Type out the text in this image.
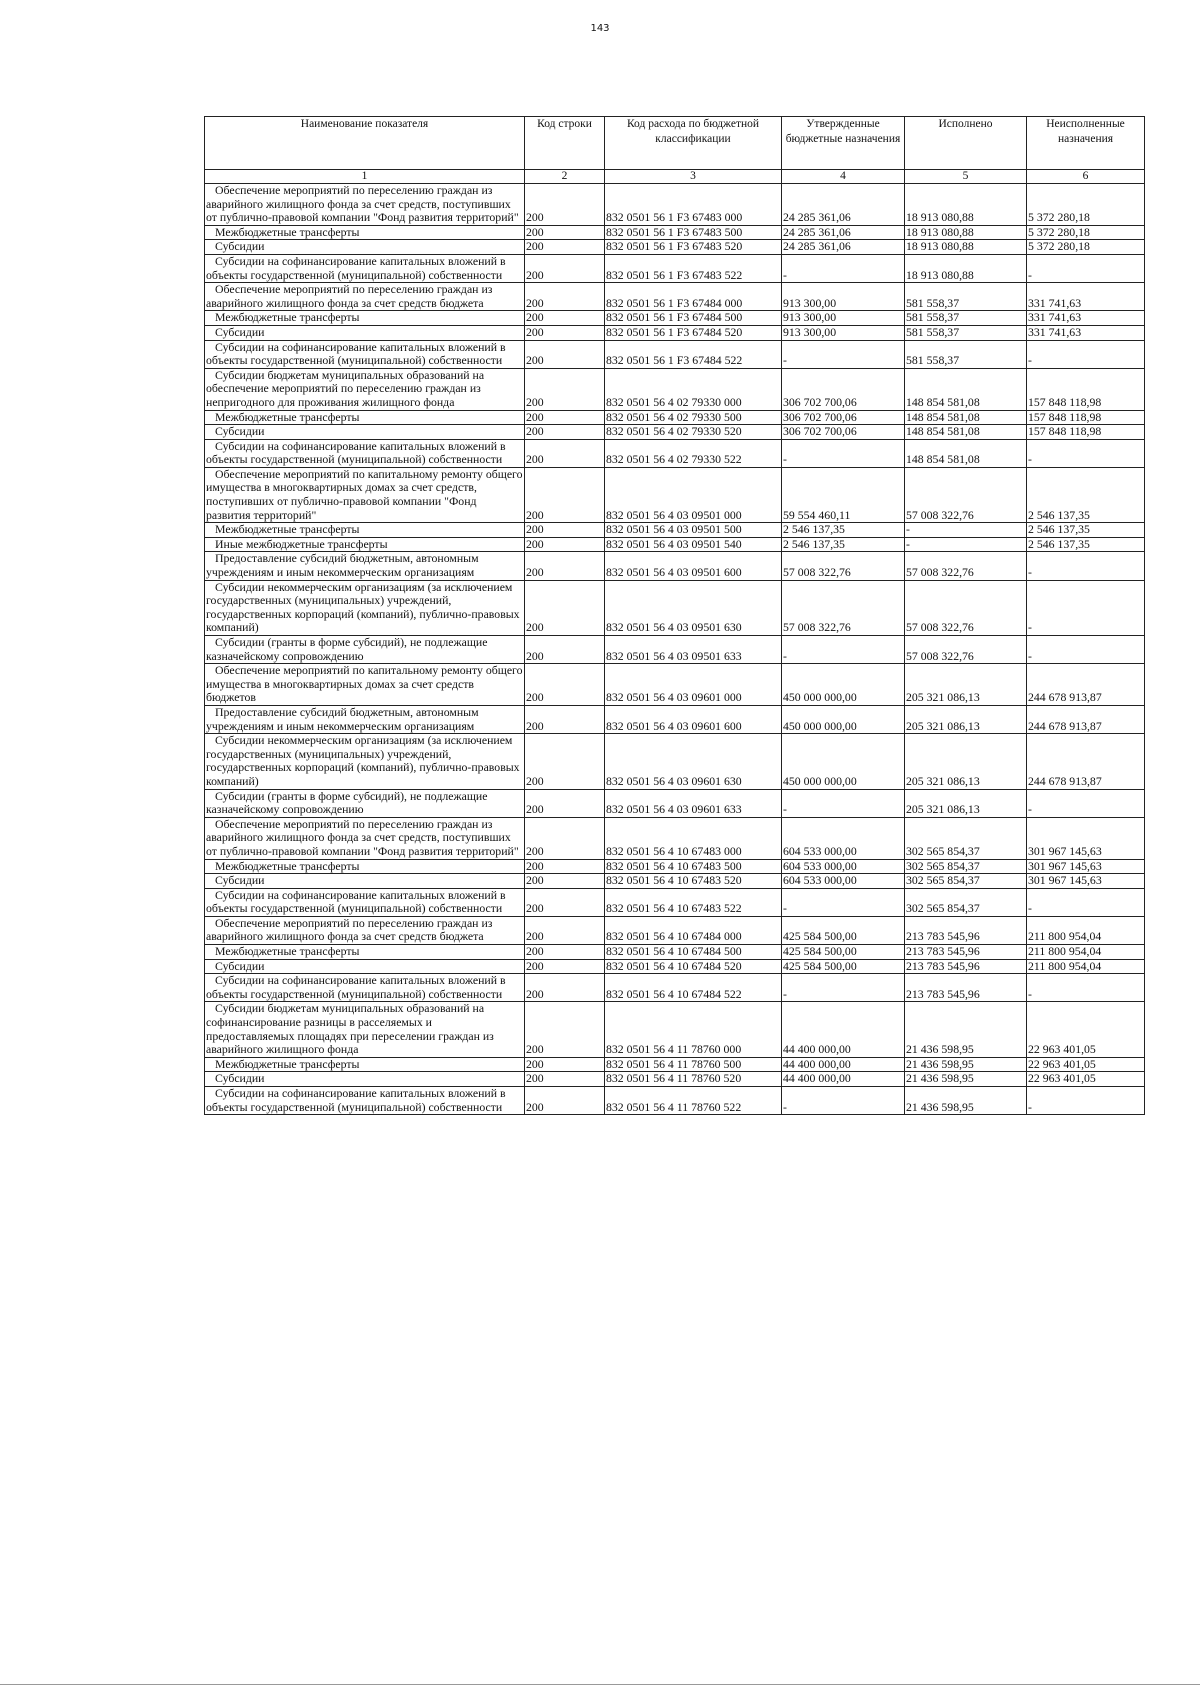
143
Наименование показателя	Код строки	Код расхода по бюджетной классификации	Утвержденные бюджетные назначения	Исполнено	Неисполненные назначения
1	2	3	4	5	6
Обеспечение мероприятий по переселению граждан из аварийного жилищного фонда за счет средств, поступивших от публично-правовой компании "Фонд развития территорий"	200	832 0501 56 1 F3 67483 000	24 285 361,06	18 913 080,88	5 372 280,18
Межбюджетные трансферты	200	832 0501 56 1 F3 67483 500	24 285 361,06	18 913 080,88	5 372 280,18
Субсидии	200	832 0501 56 1 F3 67483 520	24 285 361,06	18 913 080,88	5 372 280,18
Субсидии на софинансирование капитальных вложений в объекты государственной (муниципальной) собственности	200	832 0501 56 1 F3 67483 522	-	18 913 080,88	-
Обеспечение мероприятий по переселению граждан из аварийного жилищного фонда за счет средств бюджета	200	832 0501 56 1 F3 67484 000	913 300,00	581 558,37	331 741,63
Межбюджетные трансферты	200	832 0501 56 1 F3 67484 500	913 300,00	581 558,37	331 741,63
Субсидии	200	832 0501 56 1 F3 67484 520	913 300,00	581 558,37	331 741,63
Субсидии на софинансирование капитальных вложений в объекты государственной (муниципальной) собственности	200	832 0501 56 1 F3 67484 522	-	581 558,37	-
Субсидии бюджетам муниципальных образований на обеспечение мероприятий по переселению граждан из непригодного для проживания жилищного фонда	200	832 0501 56 4 02 79330 000	306 702 700,06	148 854 581,08	157 848 118,98
Межбюджетные трансферты	200	832 0501 56 4 02 79330 500	306 702 700,06	148 854 581,08	157 848 118,98
Субсидии	200	832 0501 56 4 02 79330 520	306 702 700,06	148 854 581,08	157 848 118,98
Субсидии на софинансирование капитальных вложений в объекты государственной (муниципальной) собственности	200	832 0501 56 4 02 79330 522	-	148 854 581,08	-
Обеспечение мероприятий по капитальному ремонту общего имущества в многоквартирных домах за счет средств, поступивших от публично-правовой компании "Фонд развития территорий"	200	832 0501 56 4 03 09501 000	59 554 460,11	57 008 322,76	2 546 137,35
Межбюджетные трансферты	200	832 0501 56 4 03 09501 500	2 546 137,35	-	2 546 137,35
Иные межбюджетные трансферты	200	832 0501 56 4 03 09501 540	2 546 137,35	-	2 546 137,35
Предоставление субсидий бюджетным, автономным учреждениям и иным некоммерческим организациям	200	832 0501 56 4 03 09501 600	57 008 322,76	57 008 322,76	-
Субсидии некоммерческим организациям (за исключением государственных (муниципальных) учреждений, государственных корпораций (компаний), публично-правовых компаний)	200	832 0501 56 4 03 09501 630	57 008 322,76	57 008 322,76	-
Субсидии (гранты в форме субсидий), не подлежащие казначейскому сопровождению	200	832 0501 56 4 03 09501 633	-	57 008 322,76	-
Обеспечение мероприятий по капитальному ремонту общего имущества в многоквартирных домах за счет средств бюджетов	200	832 0501 56 4 03 09601 000	450 000 000,00	205 321 086,13	244 678 913,87
Предоставление субсидий бюджетным, автономным учреждениям и иным некоммерческим организациям	200	832 0501 56 4 03 09601 600	450 000 000,00	205 321 086,13	244 678 913,87
Субсидии некоммерческим организациям (за исключением государственных (муниципальных) учреждений, государственных корпораций (компаний), публично-правовых компаний)	200	832 0501 56 4 03 09601 630	450 000 000,00	205 321 086,13	244 678 913,87
Субсидии (гранты в форме субсидий), не подлежащие казначейскому сопровождению	200	832 0501 56 4 03 09601 633	-	205 321 086,13	-
Обеспечение мероприятий по переселению граждан из аварийного жилищного фонда за счет средств, поступивших от публично-правовой компании "Фонд развития территорий"	200	832 0501 56 4 10 67483 000	604 533 000,00	302 565 854,37	301 967 145,63
Межбюджетные трансферты	200	832 0501 56 4 10 67483 500	604 533 000,00	302 565 854,37	301 967 145,63
Субсидии	200	832 0501 56 4 10 67483 520	604 533 000,00	302 565 854,37	301 967 145,63
Субсидии на софинансирование капитальных вложений в объекты государственной (муниципальной) собственности	200	832 0501 56 4 10 67483 522	-	302 565 854,37	-
Обеспечение мероприятий по переселению граждан из аварийного жилищного фонда за счет средств бюджета	200	832 0501 56 4 10 67484 000	425 584 500,00	213 783 545,96	211 800 954,04
Межбюджетные трансферты	200	832 0501 56 4 10 67484 500	425 584 500,00	213 783 545,96	211 800 954,04
Субсидии	200	832 0501 56 4 10 67484 520	425 584 500,00	213 783 545,96	211 800 954,04
Субсидии на софинансирование капитальных вложений в объекты государственной (муниципальной) собственности	200	832 0501 56 4 10 67484 522	-	213 783 545,96	-
Субсидии бюджетам муниципальных образований на софинансирование разницы в расселяемых и предоставляемых площадях при переселении граждан из аварийного жилищного фонда	200	832 0501 56 4 11 78760 000	44 400 000,00	21 436 598,95	22 963 401,05
Межбюджетные трансферты	200	832 0501 56 4 11 78760 500	44 400 000,00	21 436 598,95	22 963 401,05
Субсидии	200	832 0501 56 4 11 78760 520	44 400 000,00	21 436 598,95	22 963 401,05
Субсидии на софинансирование капитальных вложений в объекты государственной (муниципальной) собственности	200	832 0501 56 4 11 78760 522	-	21 436 598,95	-
